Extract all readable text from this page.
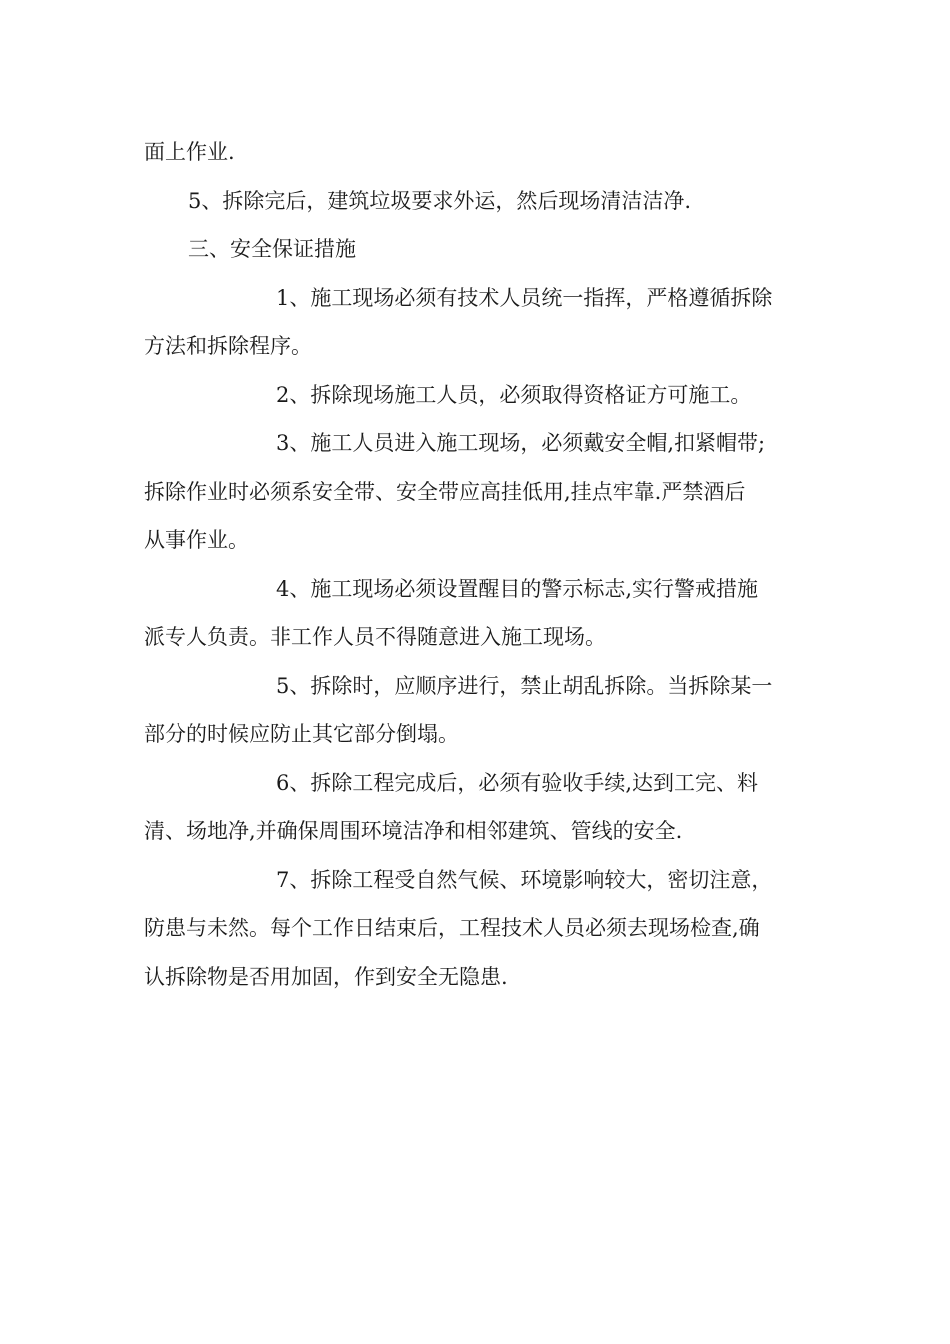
面上作业.

5、拆除完后，建筑垃圾要求外运，然后现场清洁洁净.

三、安全保证措施

1、施工现场必须有技术人员统一指挥，严格遵循拆除

方法和拆除程序。

2、拆除现场施工人员，必须取得资格证方可施工。

3、施工人员进入施工现场，必须戴安全帽,扣紧帽带;

拆除作业时必须系安全带、安全带应高挂低用,挂点牢靠.严禁酒后

从事作业。

4、施工现场必须设置醒目的警示标志,实行警戒措施

派专人负责。非工作人员不得随意进入施工现场。

5、拆除时，应顺序进行，禁止胡乱拆除。当拆除某一

部分的时候应防止其它部分倒塌。

6、拆除工程完成后，必须有验收手续,达到工完、料

清、场地净,并确保周围环境洁净和相邻建筑、管线的安全.

7、拆除工程受自然气候、环境影响较大，密切注意，

防患与未然。每个工作日结束后，工程技术人员必须去现场检查,确

认拆除物是否用加固，作到安全无隐患.
